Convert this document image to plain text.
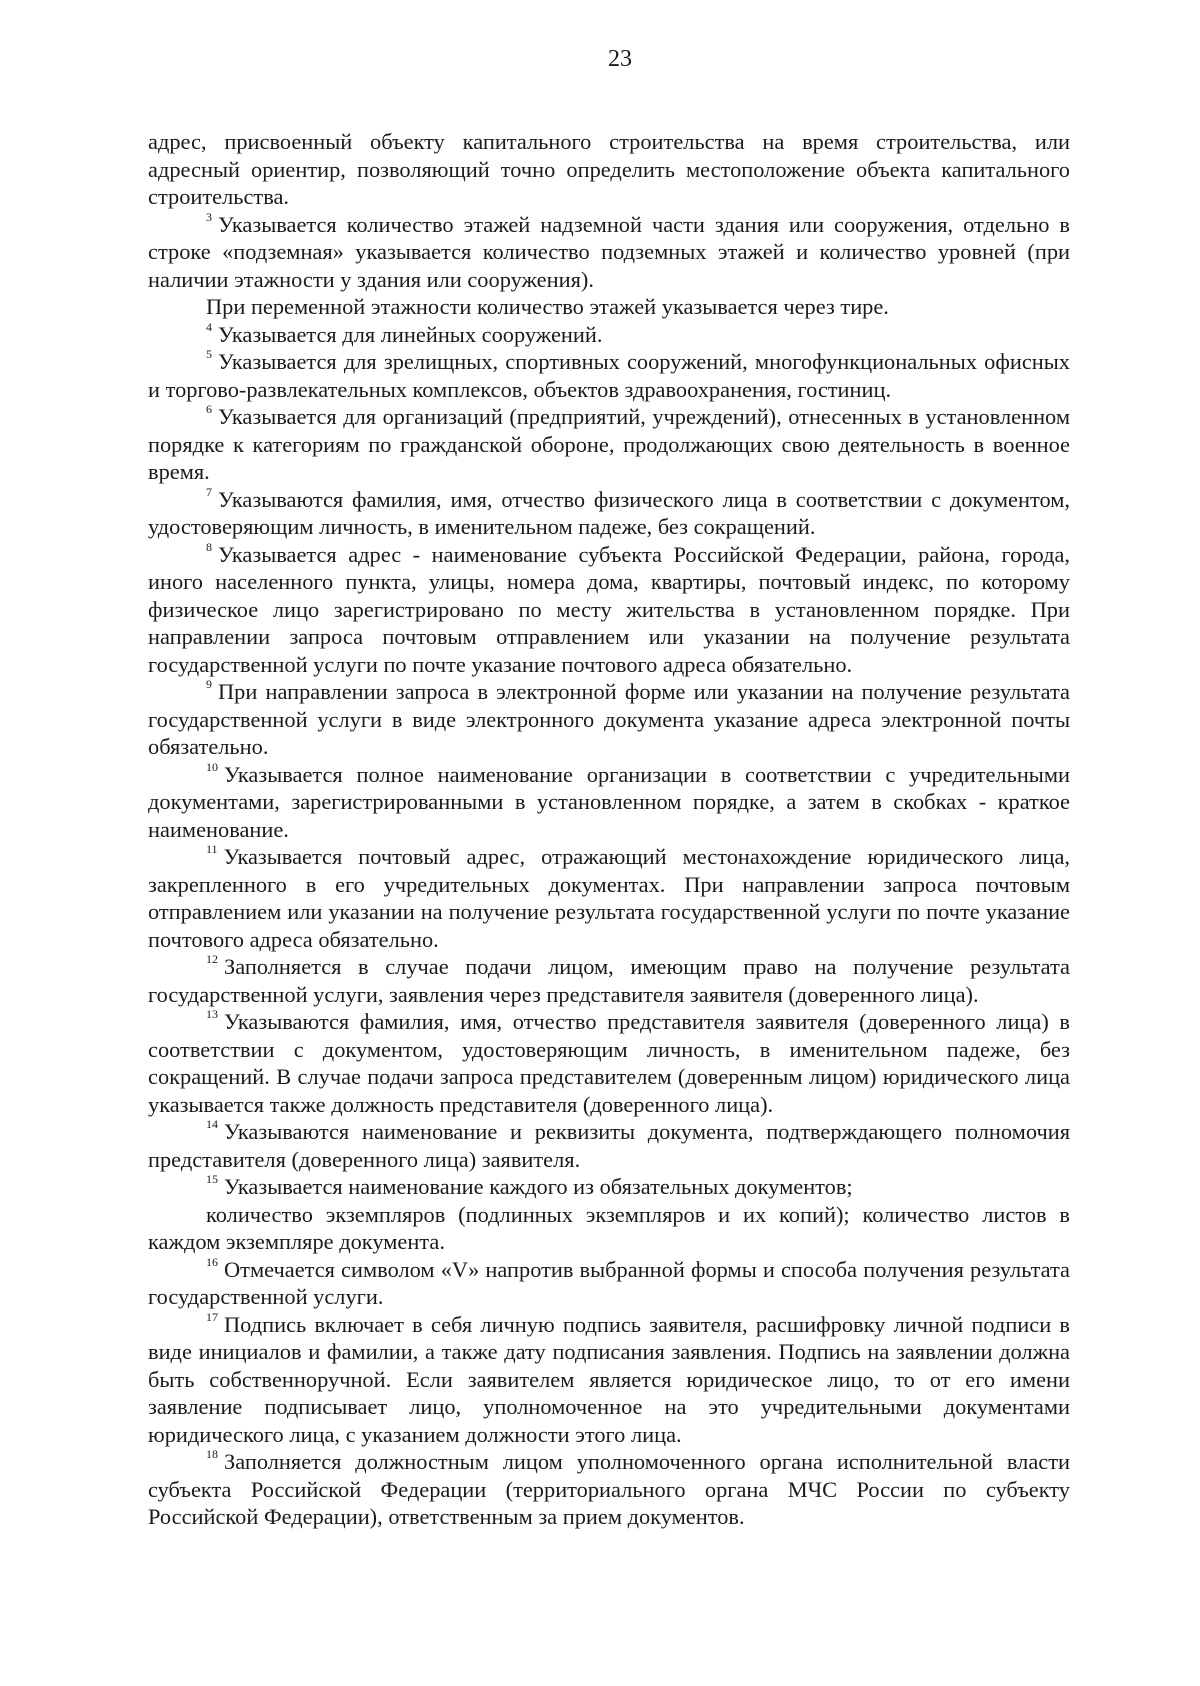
23

адрес, присвоенный объекту капитального строительства на время строительства, или адресный ориентир, позволяющий точно определить местоположение объекта капитального строительства.

$^3$ Указывается количество этажей надземной части здания или сооружения, отдельно в строке «подземная» указывается количество подземных этажей и количество уровней (при наличии этажности у здания или сооружения).

При переменной этажности количество этажей указывается через тире.

$^4$ Указывается для линейных сооружений.

$^5$ Указывается для зрелищных, спортивных сооружений, многофункциональных офисных и торгово-развлекательных комплексов, объектов здравоохранения, гостиниц.

$^6$ Указывается для организаций (предприятий, учреждений), отнесенных в установленном порядке к категориям по гражданской обороне, продолжающих свою деятельность в военное время.

$^7$ Указываются фамилия, имя, отчество физического лица в соответствии с документом, удостоверяющим личность, в именительном падеже, без сокращений.

$^8$ Указывается адрес - наименование субъекта Российской Федерации, района, города, иного населенного пункта, улицы, номера дома, квартиры, почтовый индекс, по которому физическое лицо зарегистрировано по месту жительства в установленном порядке. При направлении запроса почтовым отправлением или указании на получение результата государственной услуги по почте указание почтового адреса обязательно.

$^9$ При направлении запроса в электронной форме или указании на получение результата государственной услуги в виде электронного документа указание адреса электронной почты обязательно.

$^{10}$ Указывается полное наименование организации в соответствии с учредительными документами, зарегистрированными в установленном порядке, а затем в скобках - краткое наименование.

$^{11}$ Указывается почтовый адрес, отражающий местонахождение юридического лица, закрепленного в его учредительных документах. При направлении запроса почтовым отправлением или указании на получение результата государственной услуги по почте указание почтового адреса обязательно.

$^{12}$ Заполняется в случае подачи лицом, имеющим право на получение результата государственной услуги, заявления через представителя заявителя (доверенного лица).

$^{13}$ Указываются фамилия, имя, отчество представителя заявителя (доверенного лица) в соответствии с документом, удостоверяющим личность, в именительном падеже, без сокращений. В случае подачи запроса представителем (доверенным лицом) юридического лица указывается также должность представителя (доверенного лица).

$^{14}$ Указываются наименование и реквизиты документа, подтверждающего полномочия представителя (доверенного лица) заявителя.

$^{15}$ Указывается наименование каждого из обязательных документов;

количество экземпляров (подлинных экземпляров и их копий); количество листов в каждом экземпляре документа.

$^{16}$ Отмечается символом «V» напротив выбранной формы и способа получения результата государственной услуги.

$^{17}$ Подпись включает в себя личную подпись заявителя, расшифровку личной подписи в виде инициалов и фамилии, а также дату подписания заявления. Подпись на заявлении должна быть собственноручной. Если заявителем является юридическое лицо, то от его имени заявление подписывает лицо, уполномоченное на это учредительными документами юридического лица, с указанием должности этого лица.

$^{18}$ Заполняется должностным лицом уполномоченного органа исполнительной власти субъекта Российской Федерации (территориального органа МЧС России по субъекту Российской Федерации), ответственным за прием документов.
